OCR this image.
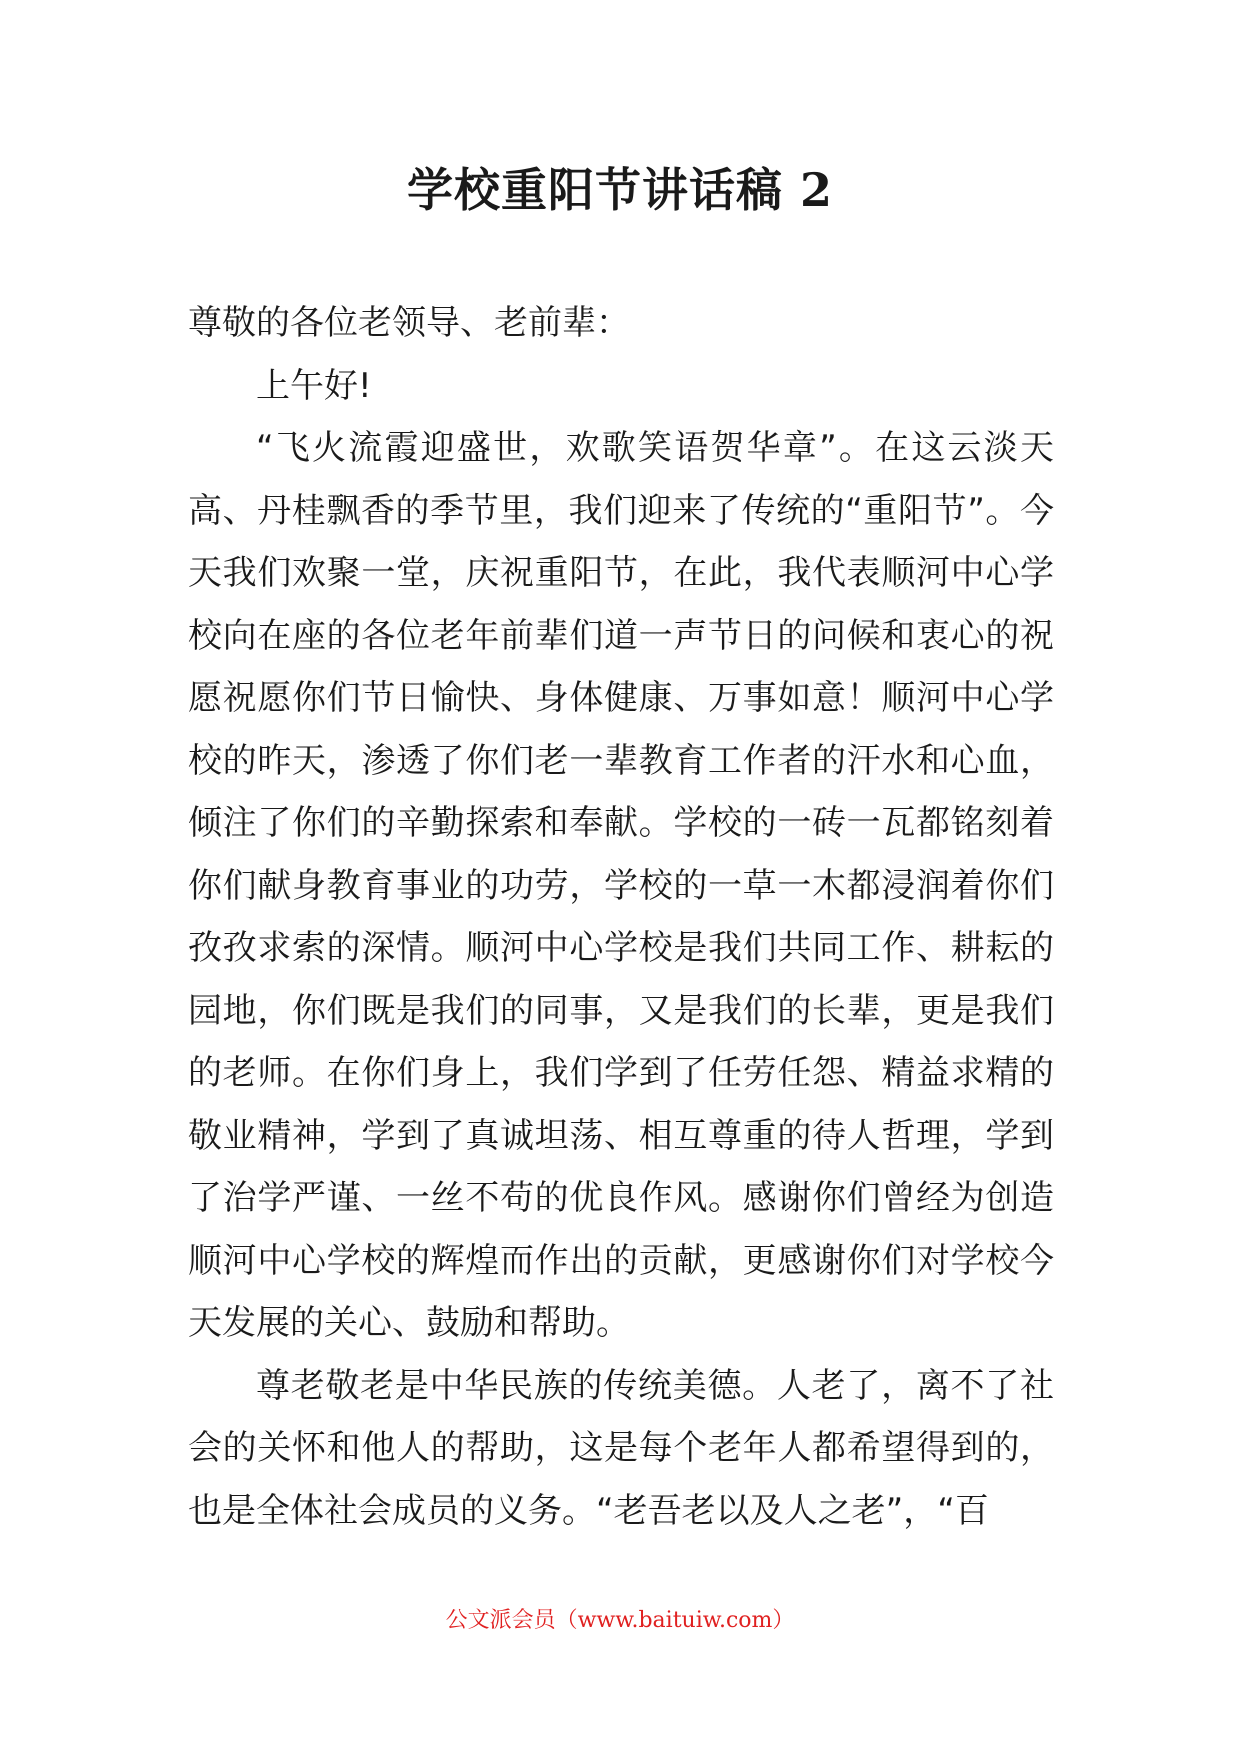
学校重阳节讲话稿 2

尊敬的各位老领导、老前辈：

上午好!

“飞火流霞迎盛世，欢歌笑语贺华章”。在这云淡天高、丹桂飘香的季节里，我们迎来了传统的“重阳节”。今天我们欢聚一堂，庆祝重阳节，在此，我代表顺河中心学校向在座的各位老年前辈们道一声节日的问候和衷心的祝愿祝愿你们节日愉快、身体健康、万事如意！顺河中心学校的昨天，渗透了你们老一辈教育工作者的汗水和心血，倾注了你们的辛勤探索和奉献。学校的一砖一瓦都铭刻着你们献身教育事业的功劳，学校的一草一木都浸润着你们孜孜求索的深情。顺河中心学校是我们共同工作、耕耘的园地，你们既是我们的同事，又是我们的长辈，更是我们的老师。在你们身上，我们学到了任劳任怨、精益求精的敬业精神，学到了真诚坦荡、相互尊重的待人哲理，学到了治学严谨、一丝不苟的优良作风。感谢你们曾经为创造顺河中心学校的辉煌而作出的贡献，更感谢你们对学校今天发展的关心、鼓励和帮助。

尊老敬老是中华民族的传统美德。人老了，离不了社会的关怀和他人的帮助，这是每个老年人都希望得到的，也是全体社会成员的义务。“老吾老以及人之老”，“百

公文派会员（www.baituiw.com）
